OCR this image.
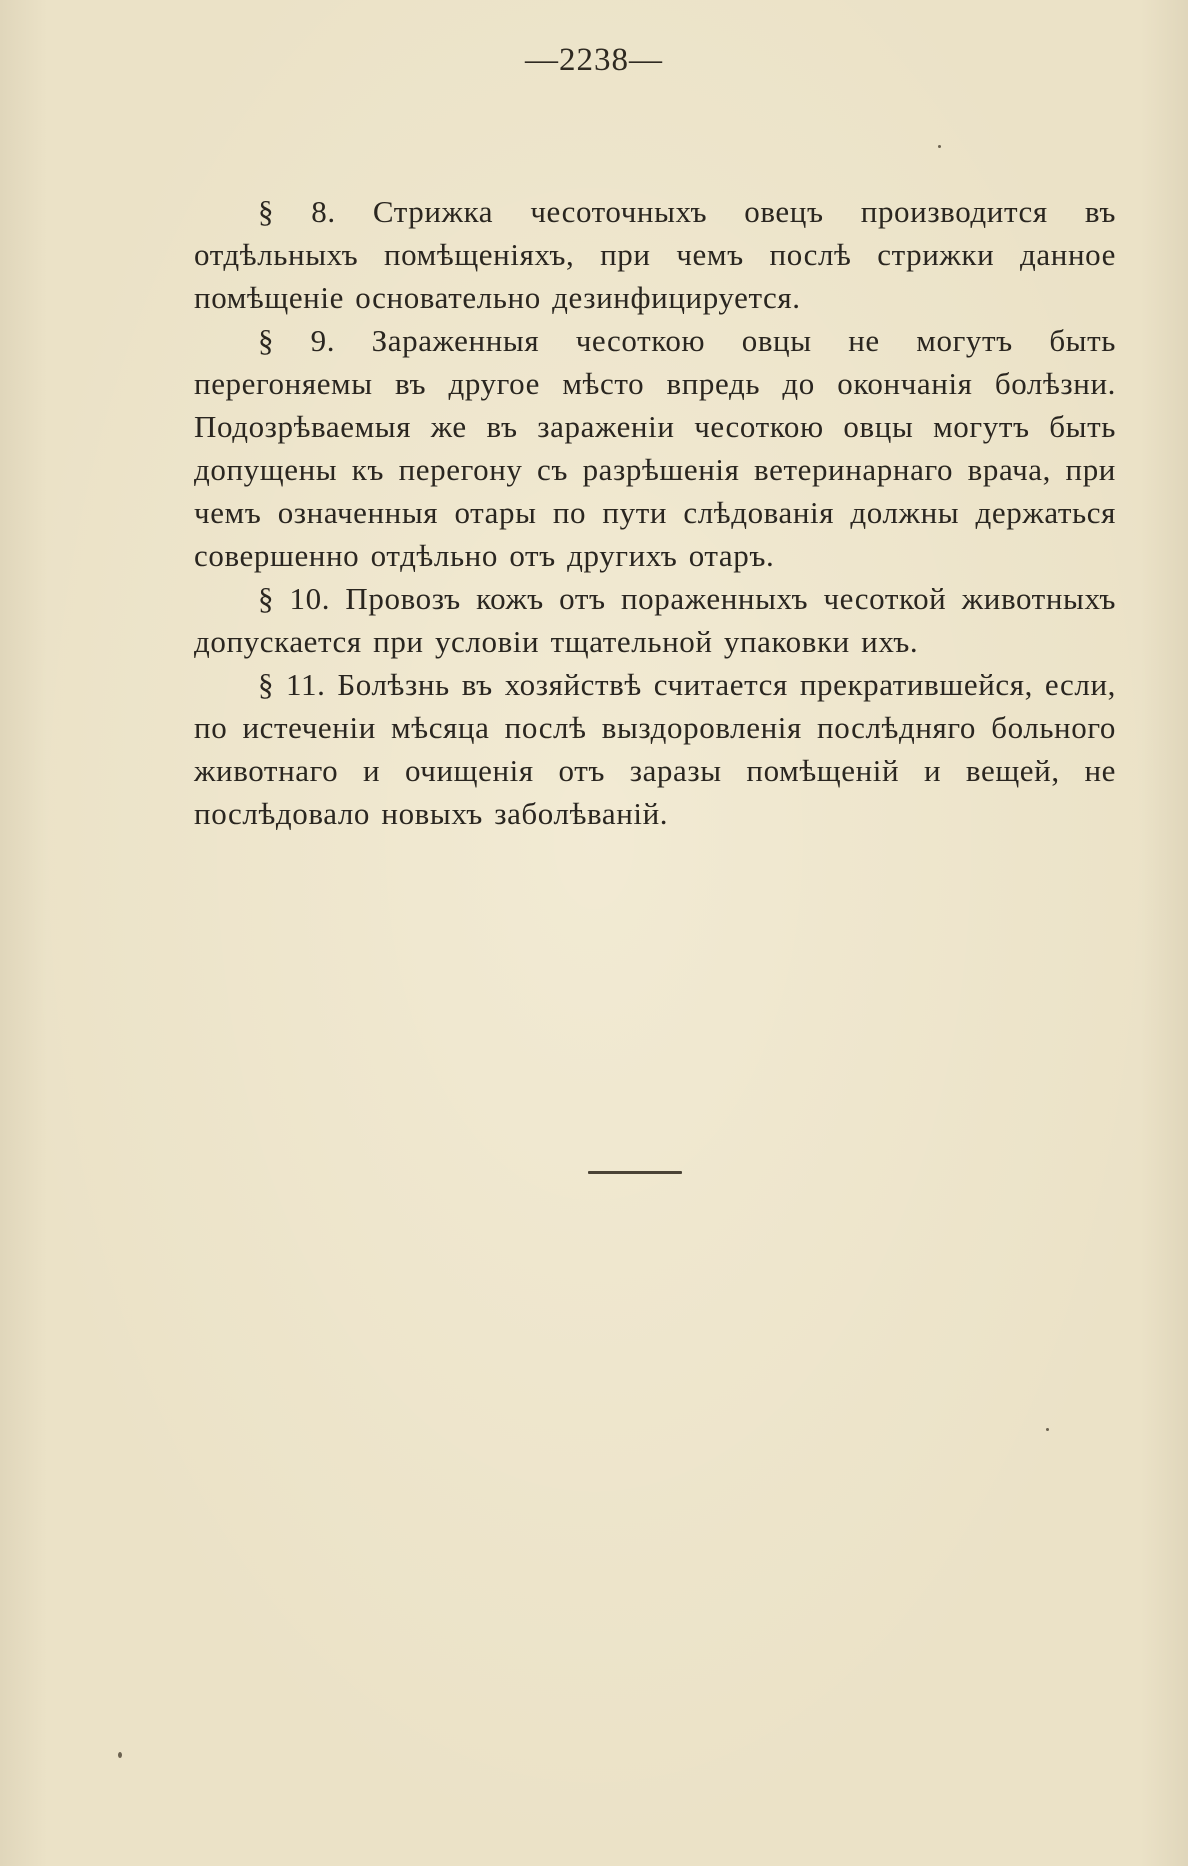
—2238—

§ 8. Стрижка чесоточныхъ овецъ производится въ отдѣльныхъ помѣщеніяхъ, при чемъ послѣ стрижки данное помѣщеніе основательно дезинфицируется.

§ 9. Зараженныя чесоткою овцы не могутъ быть перегоняемы въ другое мѣсто впредь до окончанія болѣзни. Подозрѣваемыя же въ зараженіи чесоткою овцы могутъ быть допущены къ перегону съ разрѣшенія ветеринарнаго врача, при чемъ означенныя отары по пути слѣдованія должны держаться совершенно отдѣльно отъ другихъ отаръ.

§ 10. Провозъ кожъ отъ пораженныхъ чесоткой животныхъ допускается при условіи тщательной упаковки ихъ.

§ 11. Болѣзнь въ хозяйствѣ считается прекратившейся, если, по истеченіи мѣсяца послѣ выздоровленія послѣдняго больного животнаго и очищенія отъ заразы помѣщеній и вещей, не послѣдовало новыхъ заболѣваній.
